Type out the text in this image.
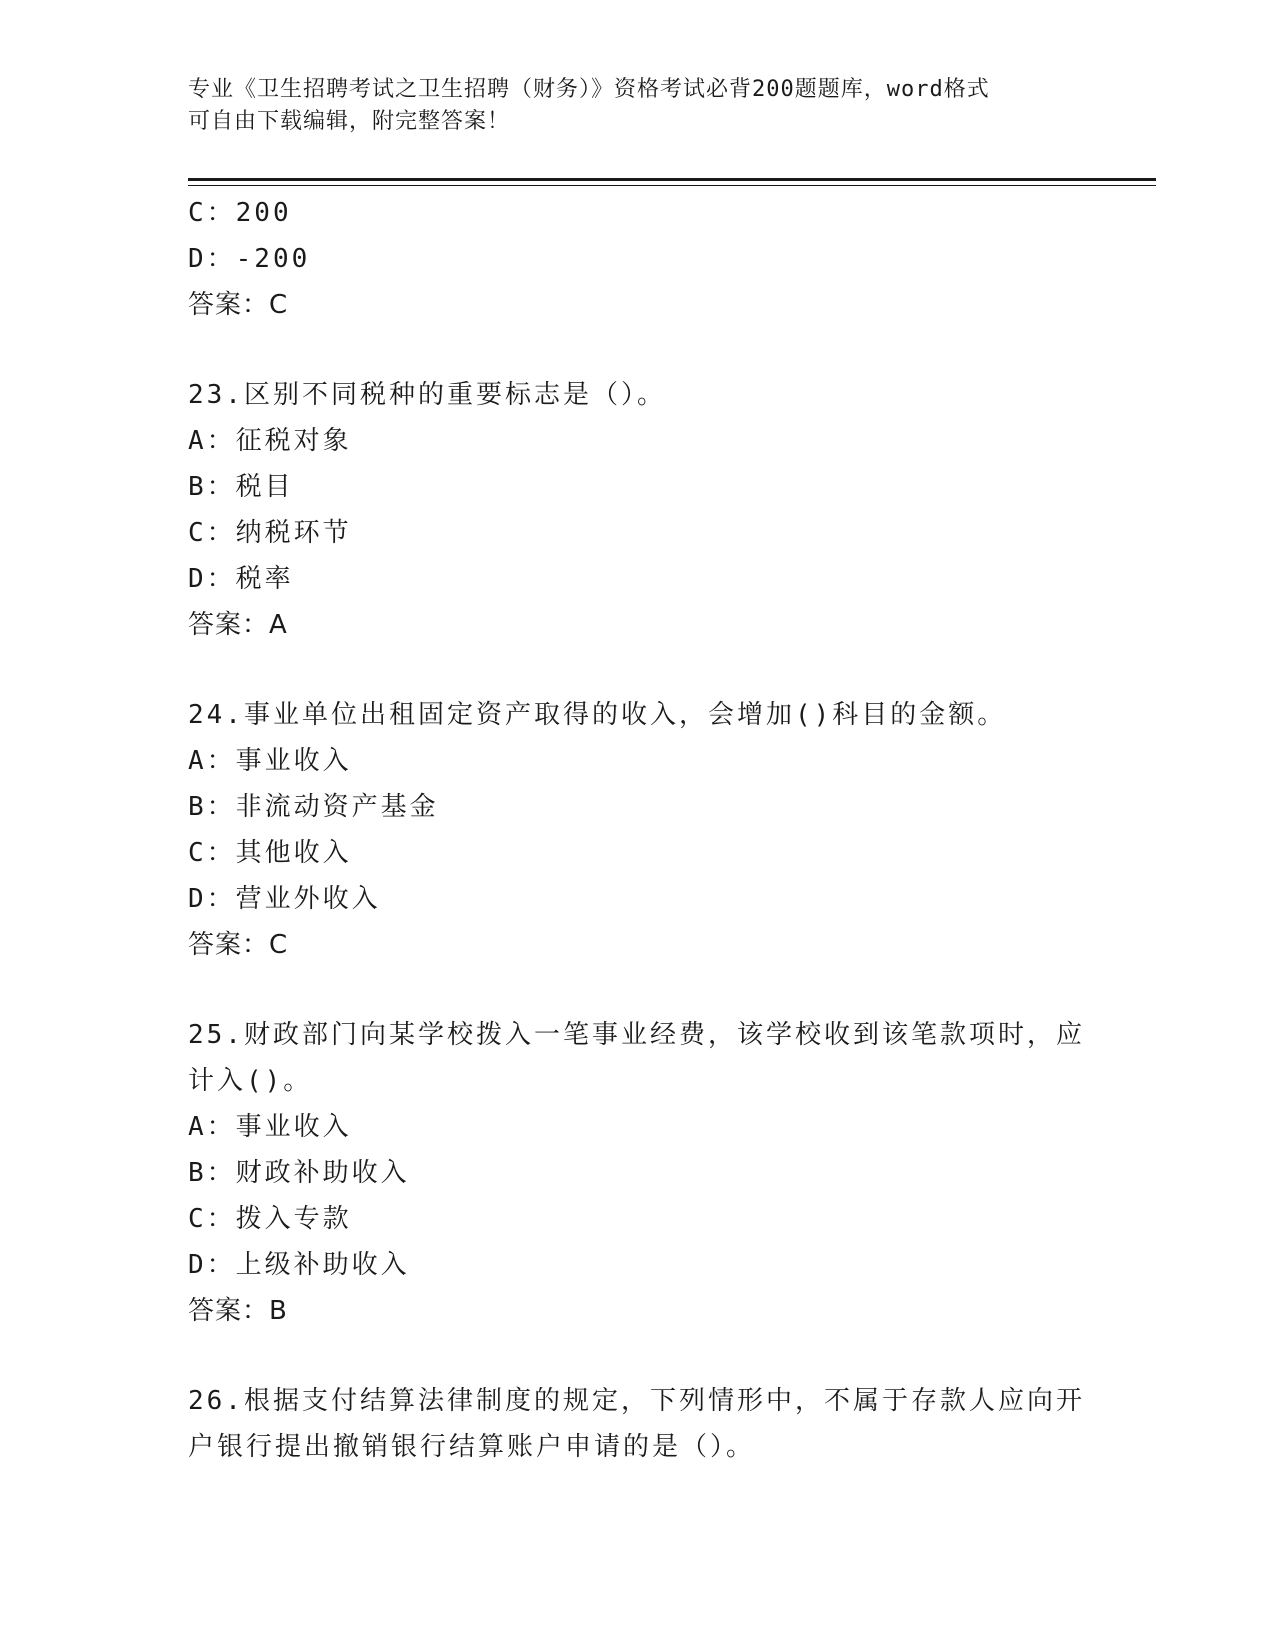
专业《卫生招聘考试之卫生招聘（财务）》资格考试必背200题题库，word格式
可自由下载编辑，附完整答案！
C：200
D：-200
答案：C
23.区别不同税种的重要标志是（）。
A：征税对象
B：税目
C：纳税环节
D：税率
答案：A
24.事业单位出租固定资产取得的收入，会增加()科目的金额。
A：事业收入
B：非流动资产基金
C：其他收入
D：营业外收入
答案：C
25.财政部门向某学校拨入一笔事业经费，该学校收到该笔款项时，应计入()。
A：事业收入
B：财政补助收入
C：拨入专款
D：上级补助收入
答案：B
26.根据支付结算法律制度的规定，下列情形中，不属于存款人应向开户银行提出撤销银行结算账户申请的是（）。
